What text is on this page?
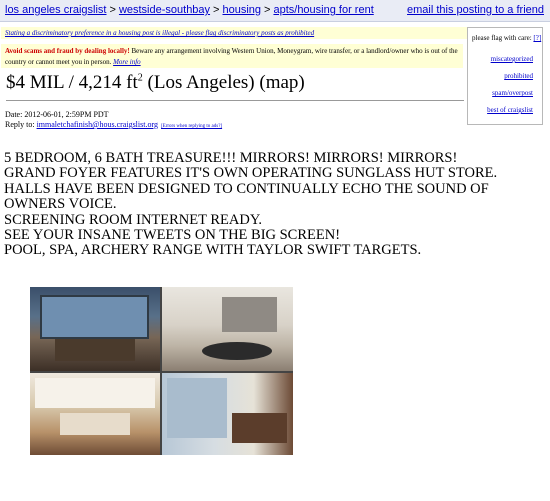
los angeles craigslist > westside-southbay > housing > apts/housing for rent	email this posting to a friend
Stating a discriminatory preference in a housing post is illegal - please flag discriminatory posts as prohibited
Avoid scams and fraud by dealing locally! Beware any arrangement involving Western Union, Moneygram, wire transfer, or a landlord/owner who is out of the country or cannot meet you in person. More info
please flag with care: [?]
miscategorized
prohibited
spam/overpost
best of craigslist
$4 MIL / 4,214 $ft^2$ (Los Angeles) (map)
Date: 2012-06-01, 2:59PM PDT
Reply to: immaletchafinish@hous.craigslist.org [Errors when replying to ads?]
5 BEDROOM, 6 BATH TREASURE!!! MIRRORS! MIRRORS! MIRRORS!
GRAND FOYER FEATURES IT'S OWN OPERATING SUNGLASS HUT STORE.
HALLS HAVE BEEN DESIGNED TO CONTINUALLY ECHO THE SOUND OF
OWNERS VOICE.
SCREENING ROOM INTERNET READY.
SEE YOUR INSANE TWEETS ON THE BIG SCREEN!
POOL, SPA, ARCHERY RANGE WITH TAYLOR SWIFT TARGETS.
